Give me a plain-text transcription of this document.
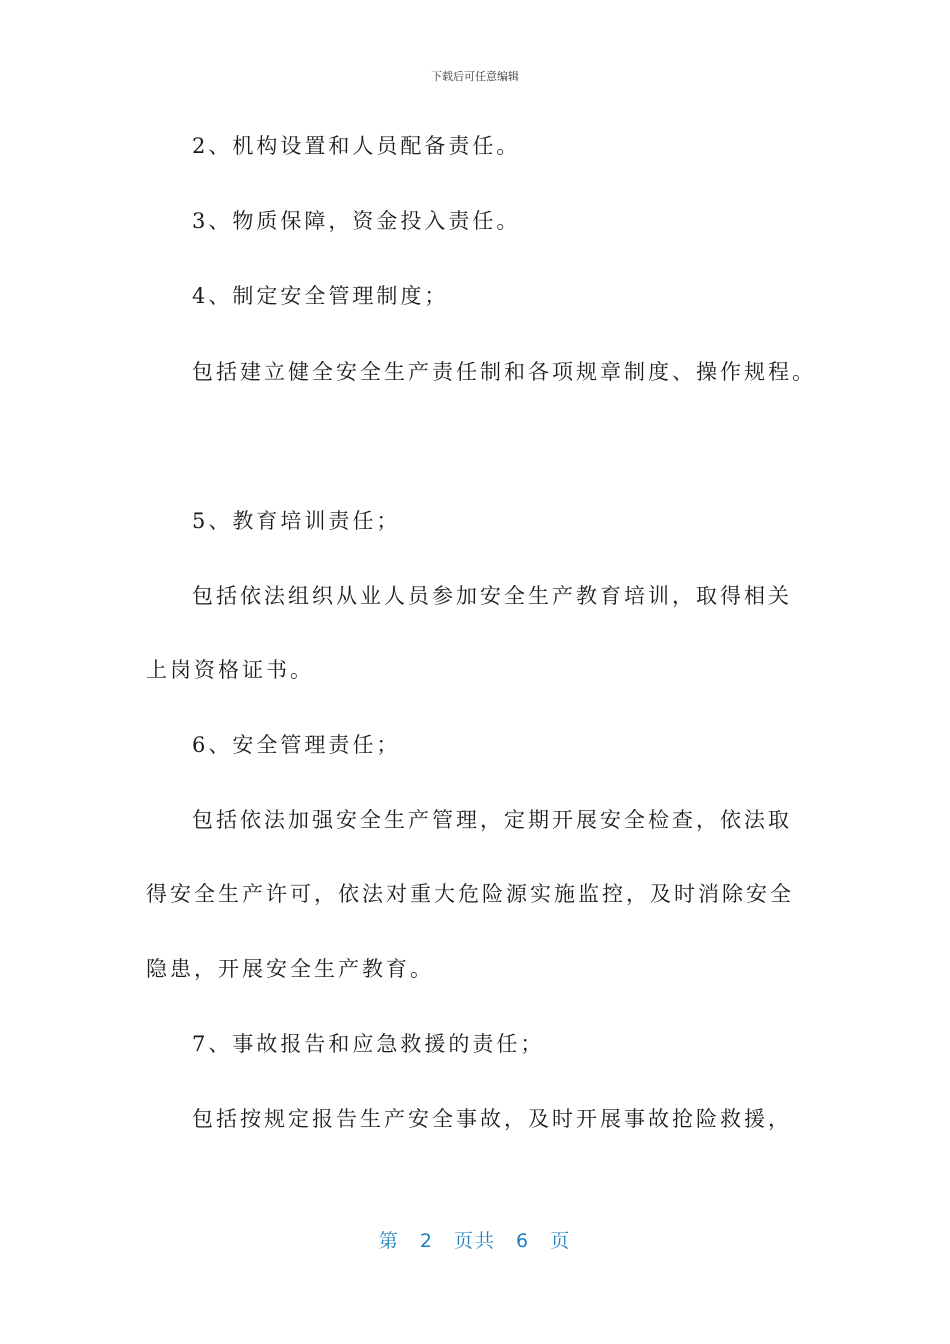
下载后可任意编辑
2、机构设置和人员配备责任。
3、物质保障，资金投入责任。
4、制定安全管理制度；
包括建立健全安全生产责任制和各项规章制度、操作规程。
5、教育培训责任；
包括依法组织从业人员参加安全生产教育培训，取得相关
上岗资格证书。
6、安全管理责任；
包括依法加强安全生产管理，定期开展安全检查，依法取
得安全生产许可，依法对重大危险源实施监控，及时消除安全
隐患，开展安全生产教育。
7、事故报告和应急救援的责任；
包括按规定报告生产安全事故，及时开展事故抢险救援，
第 2 页共 6 页
